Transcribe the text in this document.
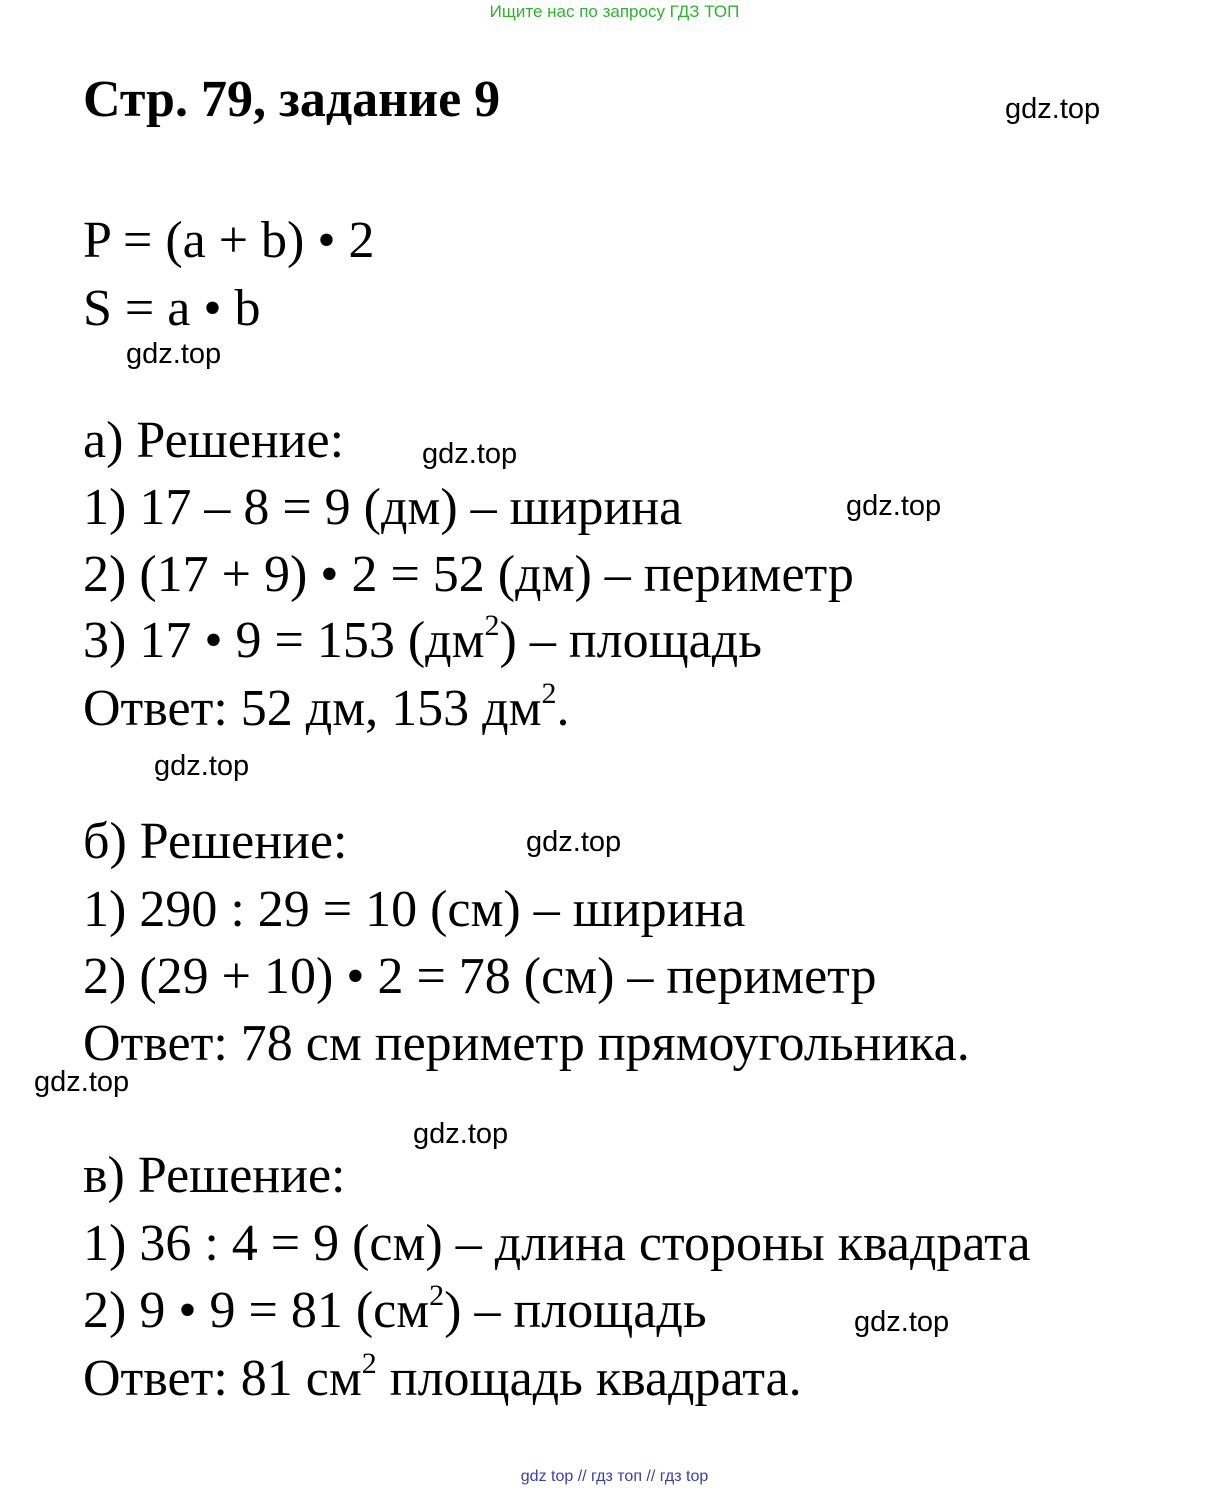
Ищите нас по запросу ГДЗ ТОП
Стр. 79, задание 9
P = (a + b) • 2
S = a • b
а) Решение:
1) 17 – 8 = 9 (дм) – ширина
2) (17 + 9) • 2 = 52 (дм) – периметр
3) 17 • 9 = 153 $(дм^2)$ – площадь
Ответ: 52 дм, 153 $дм^2$.
б) Решение:
1) 290 : 29 = 10 (см) – ширина
2) (29 + 10) • 2 = 78 (см) – периметр
Ответ: 78 см периметр прямоугольника.
в) Решение:
1) 36 : 4 = 9 (см) – длина стороны квадрата
2) 9 • 9 = 81 $(см^2)$ – площадь
Ответ: 81 $см^2$ площадь квадрата.
gdz.top
gdz.top
gdz.top
gdz.top
gdz.top
gdz.top
gdz.top
gdz.top
gdz.top
gdz top // гдз топ // гдз top
